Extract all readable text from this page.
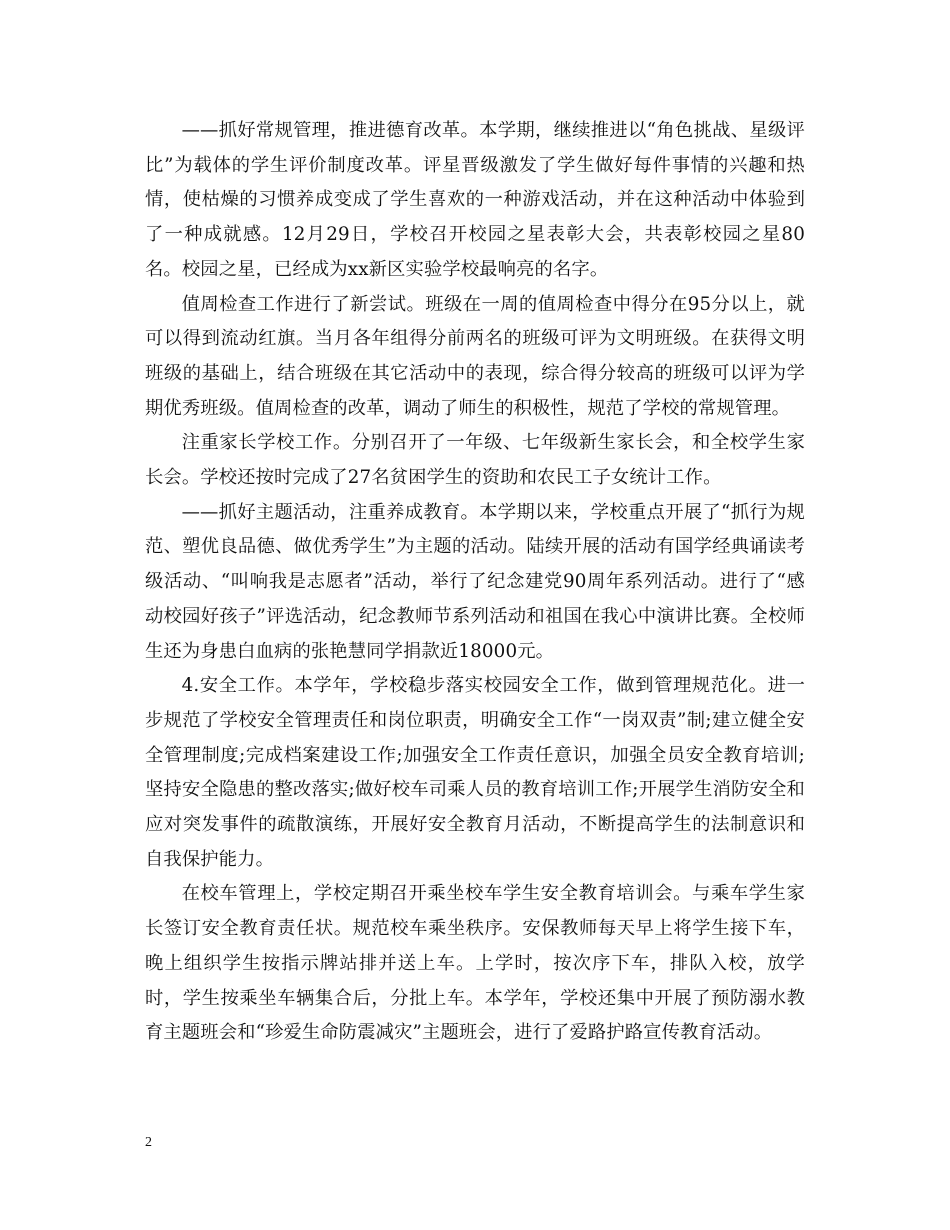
——抓好常规管理，推进德育改革。本学期，继续推进以“角色挑战、星级评比”为载体的学生评价制度改革。评星晋级激发了学生做好每件事情的兴趣和热情，使枯燥的习惯养成变成了学生喜欢的一种游戏活动，并在这种活动中体验到了一种成就感。12月29日，学校召开校园之星表彰大会，共表彰校园之星80名。校园之星，已经成为xx新区实验学校最响亮的名字。

值周检查工作进行了新尝试。班级在一周的值周检查中得分在95分以上，就可以得到流动红旗。当月各年组得分前两名的班级可评为文明班级。在获得文明班级的基础上，结合班级在其它活动中的表现，综合得分较高的班级可以评为学期优秀班级。值周检查的改革，调动了师生的积极性，规范了学校的常规管理。

注重家长学校工作。分别召开了一年级、七年级新生家长会，和全校学生家长会。学校还按时完成了27名贫困学生的资助和农民工子女统计工作。

——抓好主题活动，注重养成教育。本学期以来，学校重点开展了“抓行为规范、塑优良品德、做优秀学生”为主题的活动。陆续开展的活动有国学经典诵读考级活动、“叫响我是志愿者”活动，举行了纪念建党90周年系列活动。进行了“感动校园好孩子”评选活动，纪念教师节系列活动和祖国在我心中演讲比赛。全校师生还为身患白血病的张艳慧同学捐款近18000元。

4.安全工作。本学年，学校稳步落实校园安全工作，做到管理规范化。进一步规范了学校安全管理责任和岗位职责，明确安全工作“一岗双责”制;建立健全安全管理制度;完成档案建设工作;加强安全工作责任意识，加强全员安全教育培训;坚持安全隐患的整改落实;做好校车司乘人员的教育培训工作;开展学生消防安全和应对突发事件的疏散演练，开展好安全教育月活动，不断提高学生的法制意识和自我保护能力。

在校车管理上，学校定期召开乘坐校车学生安全教育培训会。与乘车学生家长签订安全教育责任状。规范校车乘坐秩序。安保教师每天早上将学生接下车，晚上组织学生按指示牌站排并送上车。上学时，按次序下车，排队入校，放学时，学生按乘坐车辆集合后，分批上车。本学年，学校还集中开展了预防溺水教育主题班会和“珍爱生命防震减灾”主题班会，进行了爱路护路宣传教育活动。

2
